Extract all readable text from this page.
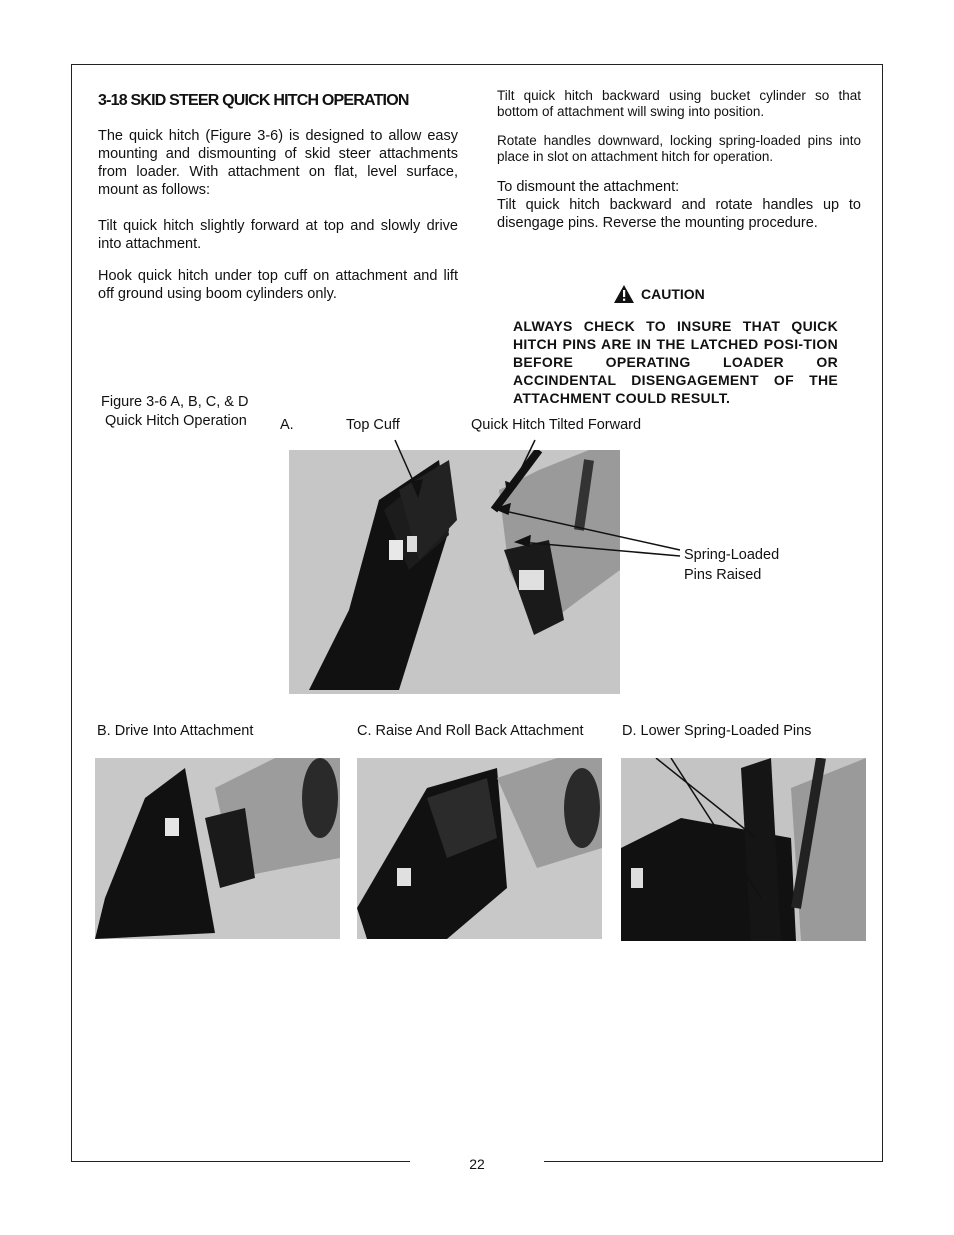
3-18 SKID STEER QUICK HITCH OPERATION
The quick hitch (Figure 3-6) is designed to allow easy mounting and dismounting of skid steer attachments from loader. With attachment on flat, level surface, mount as follows:
Tilt quick hitch slightly forward at top and slowly drive into attachment.
Hook quick hitch under top cuff on attachment and lift off ground using boom cylinders only.
Tilt quick hitch backward using bucket cylinder so that bottom of attachment will swing into position.
Rotate handles downward, locking spring-loaded pins into place in slot on attachment hitch for operation.
To dismount the attachment:
Tilt quick hitch backward and rotate handles up to disengage pins. Reverse the mounting procedure.
CAUTION
ALWAYS CHECK TO INSURE THAT QUICK HITCH PINS ARE IN THE LATCHED POSI-TION BEFORE OPERATING LOADER OR ACCINDENTAL DISENGAGEMENT OF THE ATTACHMENT COULD RESULT.
Figure 3-6 A, B, C, & D
Quick Hitch Operation A.	Top Cuff	Quick Hitch Tilted Forward
Spring-Loaded
Pins Raised
B. Drive Into Attachment	C. Raise And Roll Back Attachment	D. Lower Spring-Loaded Pins
22
